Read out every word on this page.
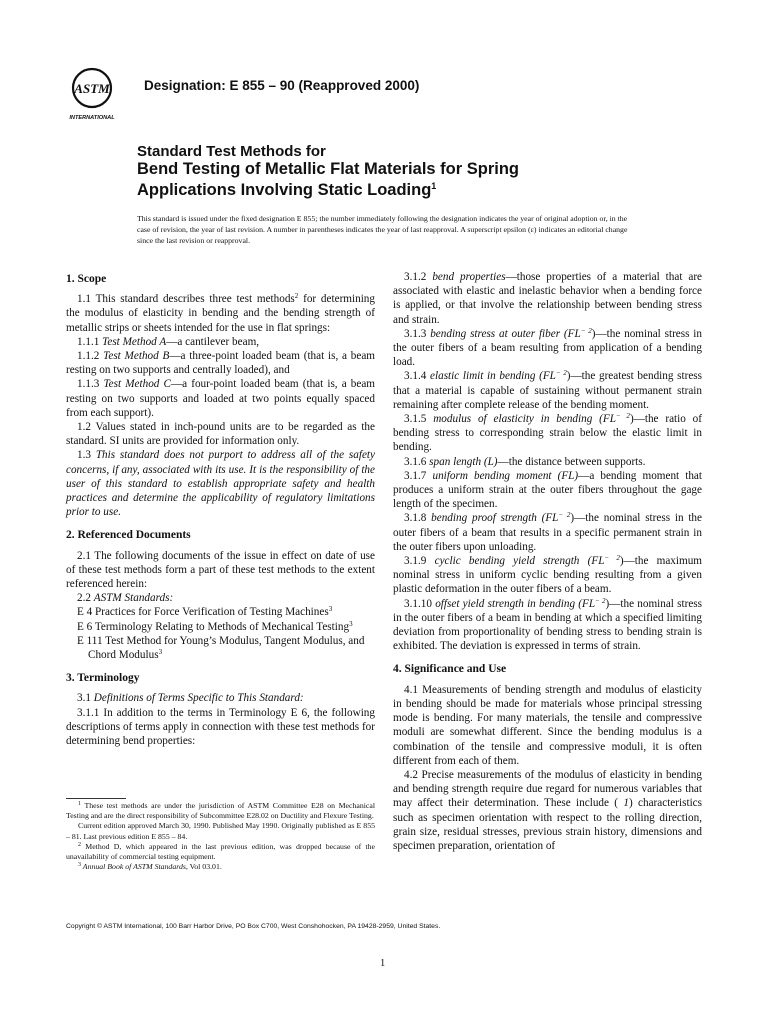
ASTM
INTERNATIONAL
Designation: E 855 – 90 (Reapproved 2000)
Standard Test Methods for
Bend Testing of Metallic Flat Materials for Spring
Applications Involving Static Loading$^1$

This standard is issued under the fixed designation E 855; the number immediately following the designation indicates the year of original adoption or, in the case of revision, the year of last revision. A number in parentheses indicates the year of last reapproval. A superscript epsilon (ε) indicates an editorial change since the last revision or reapproval.

1. Scope

1.1 This standard describes three test methods$^2$ for determining the modulus of elasticity in bending and the bending strength of metallic strips or sheets intended for the use in flat springs:

1.1.1 Test Method A—a cantilever beam,

1.1.2 Test Method B—a three-point loaded beam (that is, a beam resting on two supports and centrally loaded), and

1.1.3 Test Method C—a four-point loaded beam (that is, a beam resting on two supports and loaded at two points equally spaced from each support).

1.2 Values stated in inch-pound units are to be regarded as the standard. SI units are provided for information only.

1.3 This standard does not purport to address all of the safety concerns, if any, associated with its use. It is the responsibility of the user of this standard to establish appropriate safety and health practices and determine the applicability of regulatory limitations prior to use.

2. Referenced Documents

2.1 The following documents of the issue in effect on date of use of these test methods form a part of these test methods to the extent referenced herein:

2.2 ASTM Standards:

E 4 Practices for Force Verification of Testing Machines$^3$

E 6 Terminology Relating to Methods of Mechanical Testing$^3$

E 111 Test Method for Young’s Modulus, Tangent Modulus, and Chord Modulus$^3$

3. Terminology

3.1 Definitions of Terms Specific to This Standard:

3.1.1 In addition to the terms in Terminology E 6, the following descriptions of terms apply in connection with these test methods for determining bend properties:

$^1$ These test methods are under the jurisdiction of ASTM Committee E28 on Mechanical Testing and are the direct responsibility of Subcommittee E28.02 on Ductility and Flexure Testing.

Current edition approved March 30, 1990. Published May 1990. Originally published as E 855 – 81. Last previous edition E 855 – 84.

$^2$ Method D, which appeared in the last previous edition, was dropped because of the unavailability of commercial testing equipment.

$^3$ Annual Book of ASTM Standards, Vol 03.01.

3.1.2 bend properties—those properties of a material that are associated with elastic and inelastic behavior when a bending force is applied, or that involve the relationship between bending stress and strain.

3.1.3 bending stress at outer fiber $(FL^{- 2})—the$ nominal stress in the outer fibers of a beam resulting from application of a bending load.

3.1.4 elastic limit in bending $(FL^{- 2})—the$ greatest bending stress that a material is capable of sustaining without permanent strain remaining after complete release of the bending moment.

3.1.5 modulus of elasticity in bending $(FL^{- 2})—the$ ratio of bending stress to corresponding strain below the elastic limit in bending.

3.1.6 span length (L)—the distance between supports.

3.1.7 uniform bending moment (FL)—a bending moment that produces a uniform strain at the outer fibers throughout the gage length of the specimen.

3.1.8 bending proof strength $(FL^{- 2})—the$ nominal stress in the outer fibers of a beam that results in a specific permanent strain in the outer fibers upon unloading.

3.1.9 cyclic bending yield strength $(FL^{- 2})—the$ maximum nominal stress in uniform cyclic bending resulting from a given plastic deformation in the outer fibers of a beam.

3.1.10 offset yield strength in bending $(FL^{- 2})—the$ nominal stress in the outer fibers of a beam in bending at which a specified limiting deviation from proportionality of bending stress to bending strain is exhibited. The deviation is expressed in terms of strain.

4. Significance and Use

4.1 Measurements of bending strength and modulus of elasticity in bending should be made for materials whose principal stressing mode is bending. For many materials, the tensile and compressive moduli are somewhat different. Since the bending modulus is a combination of the tensile and compressive moduli, it is often different from each of them.

4.2 Precise measurements of the modulus of elasticity in bending and bending strength require due regard for numerous variables that may affect their determination. These include ( 1) characteristics such as specimen orientation with respect to the rolling direction, grain size, residual stresses, previous strain history, dimensions and specimen preparation, orientation of

Copyright © ASTM International, 100 Barr Harbor Drive, PO Box C700, West Conshohocken, PA 19428-2959, United States.
1
